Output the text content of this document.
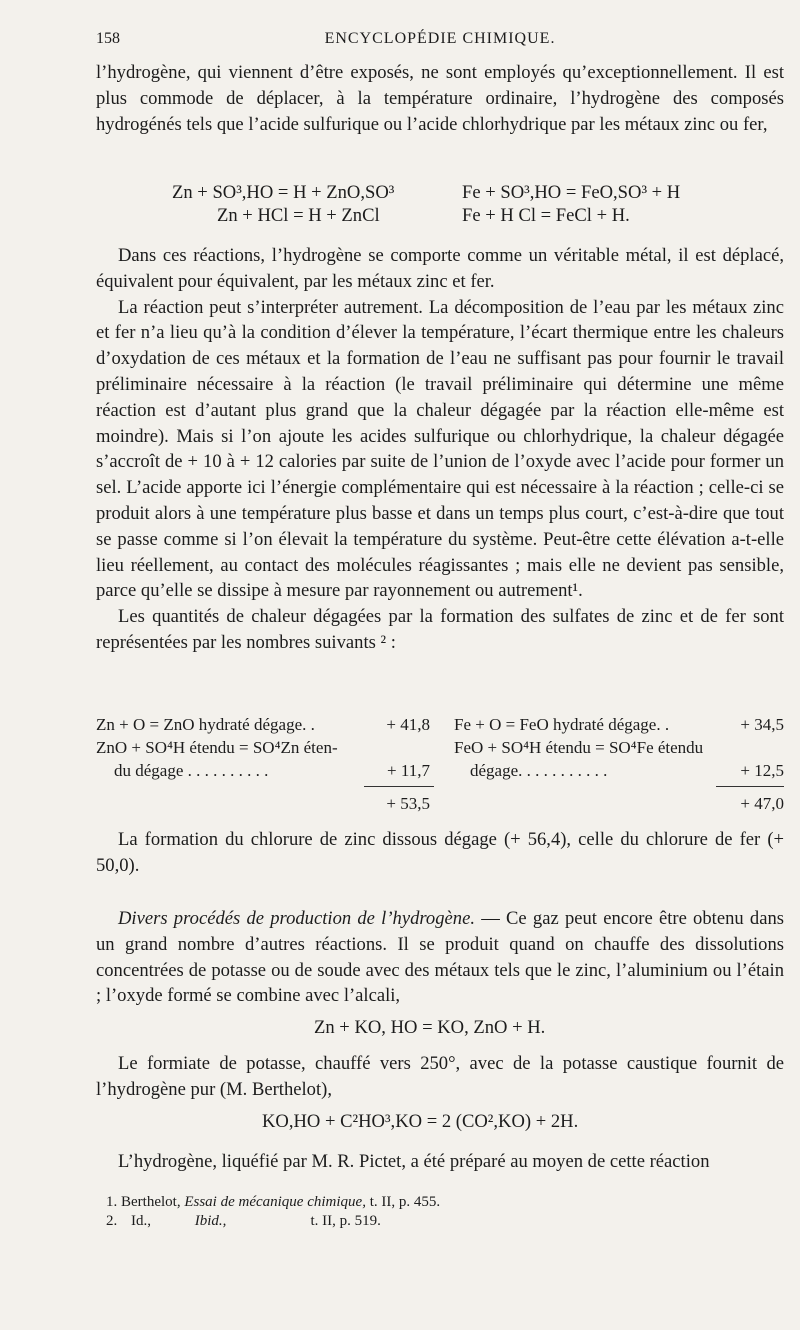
158	ENCYCLOPÉDIE CHIMIQUE.

l’hydrogène, qui viennent d’être exposés, ne sont employés qu’exceptionnellement. Il est plus commode de déplacer, à la température ordinaire, l’hydrogène des composés hydrogénés tels que l’acide sulfurique ou l’acide chlorhydrique par les métaux zinc ou fer,

Zn + SO³,HO = H + ZnO,SO³	Fe + SO³,HO = FeO,SO³ + H
Zn + HCl = H + ZnCl	Fe + H Cl = FeCl + H.

Dans ces réactions, l’hydrogène se comporte comme un véritable métal, il est déplacé, équivalent pour équivalent, par les métaux zinc et fer.

La réaction peut s’interpréter autrement. La décomposition de l’eau par les métaux zinc et fer n’a lieu qu’à la condition d’élever la température, l’écart thermique entre les chaleurs d’oxydation de ces métaux et la formation de l’eau ne suffisant pas pour fournir le travail préliminaire nécessaire à la réaction (le travail préliminaire qui détermine une même réaction est d’autant plus grand que la chaleur dégagée par la réaction elle-même est moindre). Mais si l’on ajoute les acides sulfurique ou chlorhydrique, la chaleur dégagée s’accroît de + 10 à + 12 calories par suite de l’union de l’oxyde avec l’acide pour former un sel. L’acide apporte ici l’énergie complémentaire qui est nécessaire à la réaction ; celle-ci se produit alors à une température plus basse et dans un temps plus court, c’est-à-dire que tout se passe comme si l’on élevait la température du système. Peut-être cette élévation a-t-elle lieu réellement, au contact des molécules réagissantes ; mais elle ne devient pas sensible, parce qu’elle se dissipe à mesure par rayonnement ou autrement¹.

Les quantités de chaleur dégagées par la formation des sulfates de zinc et de fer sont représentées par les nombres suivants ² :

Zn + O = ZnO hydraté dégage. .	+ 41,8
ZnO + SO⁴H étendu = SO⁴Zn éten-
du dégage . . . . . . . . . .	+ 11,7
+ 53,5
Fe + O = FeO hydraté dégage. .	+ 34,5
FeO + SO⁴H étendu = SO⁴Fe étendu
dégage. . . . . . . . . . .	+ 12,5
+ 47,0

La formation du chlorure de zinc dissous dégage (+ 56,4), celle du chlorure de fer (+ 50,0).

Divers procédés de production de l’hydrogène. — Ce gaz peut encore être obtenu dans un grand nombre d’autres réactions. Il se produit quand on chauffe des dissolutions concentrées de potasse ou de soude avec des métaux tels que le zinc, l’aluminium ou l’étain ; l’oxyde formé se combine avec l’alcali,

Zn + KO, HO = KO, ZnO + H.

Le formiate de potasse, chauffé vers 250°, avec de la potasse caustique fournit de l’hydrogène pur (M. Berthelot),

KO,HO + C²HO³,KO = 2 (CO²,KO) + 2H.

L’hydrogène, liquéfié par M. R. Pictet, a été préparé au moyen de cette réaction

1. Berthelot, Essai de mécanique chimique, t. II, p. 455.
2. Id.,	Ibid.,	t. II, p. 519.
